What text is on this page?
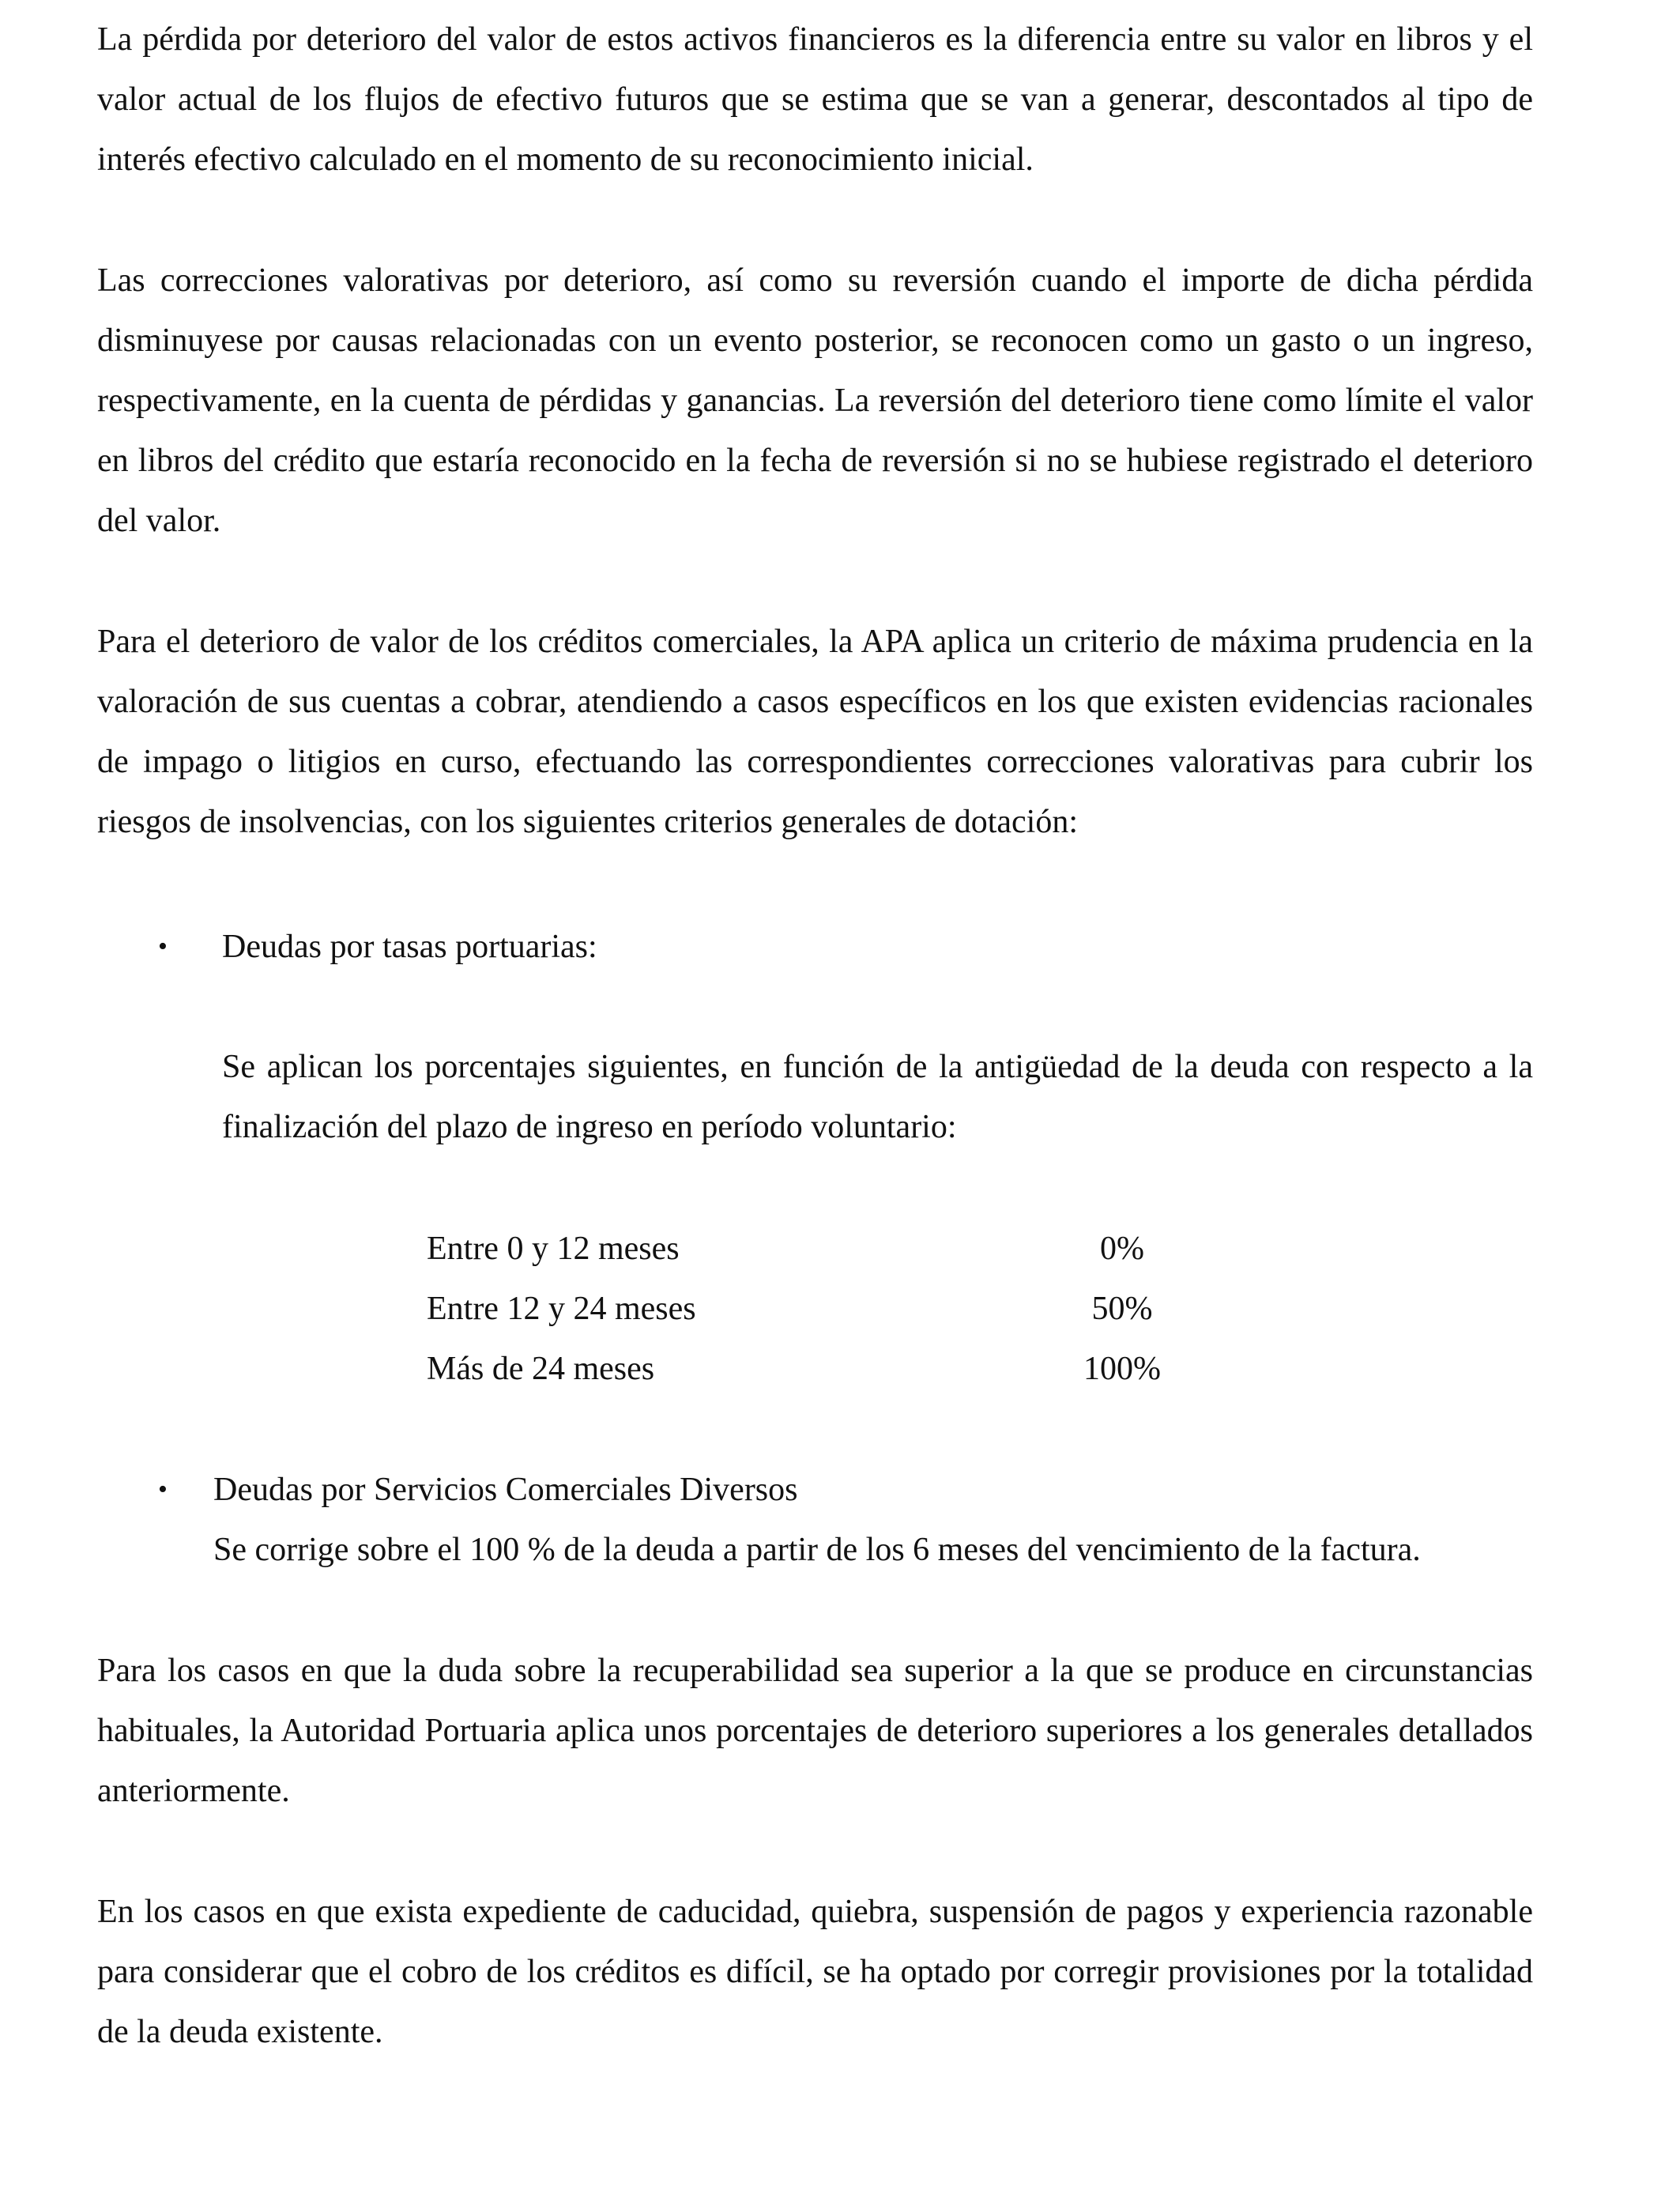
La pérdida por deterioro del valor de estos activos financieros es la diferencia entre su valor en libros y el valor actual de los flujos de efectivo futuros que se estima que se van a generar, descontados al tipo de interés efectivo calculado en el momento de su reconocimiento inicial.

Las correcciones valorativas por deterioro, así como su reversión cuando el importe de dicha pérdida disminuyese por causas relacionadas con un evento posterior, se reconocen como un gasto o un ingreso, respectivamente, en la cuenta de pérdidas y ganancias. La reversión del deterioro tiene como límite el valor en libros del crédito que estaría reconocido en la fecha de reversión si no se hubiese registrado el deterioro del valor.

Para el deterioro de valor de los créditos comerciales, la APA aplica un criterio de máxima prudencia en la valoración de sus cuentas a cobrar, atendiendo a casos específicos en los que existen evidencias racionales de impago o litigios en curso, efectuando las correspondientes correcciones valorativas para cubrir los riesgos de insolvencias, con los siguientes criterios generales de dotación:

• Deudas por tasas portuarias:

Se aplican los porcentajes siguientes, en función de la antigüedad de la deuda con respecto a la finalización del plazo de ingreso en período voluntario:

Entre 0 y 12 meses	0%
Entre 12 y 24 meses	50%
Más de 24 meses	100%
• Deudas por Servicios Comerciales Diversos

Se corrige sobre el 100 % de la deuda a partir de los 6 meses del vencimiento de la factura.

Para los casos en que la duda sobre la recuperabilidad sea superior a la que se produce en circunstancias habituales, la Autoridad Portuaria aplica unos porcentajes de deterioro superiores a los generales detallados anteriormente.

En los casos en que exista expediente de caducidad, quiebra, suspensión de pagos y experiencia razonable para considerar que el cobro de los créditos es difícil, se ha optado por corregir provisiones por la totalidad de la deuda existente.
